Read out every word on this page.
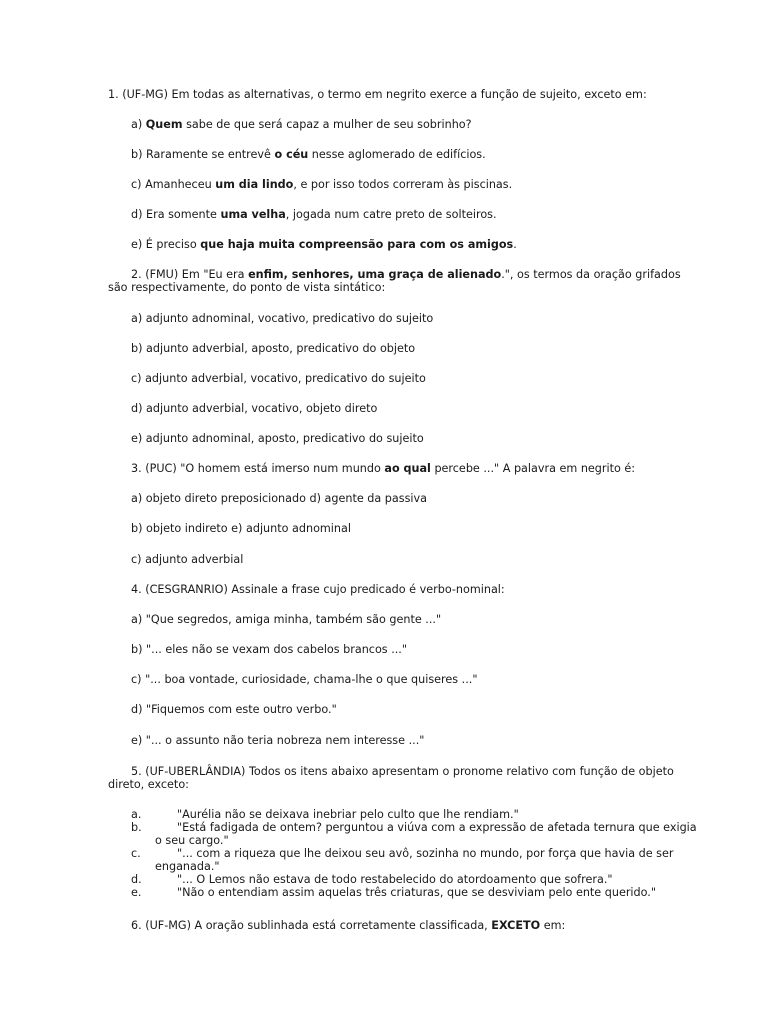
1. (UF-MG) Em todas as alternativas, o termo em negrito exerce a função de sujeito, exceto em:
a) Quem sabe de que será capaz a mulher de seu sobrinho?
b) Raramente se entrevê o céu nesse aglomerado de edifícios.
c) Amanheceu um dia lindo, e por isso todos correram às piscinas.
d) Era somente uma velha, jogada num catre preto de solteiros.
e) É preciso que haja muita compreensão para com os amigos.
2. (FMU) Em "Eu era enfim, senhores, uma graça de alienado.", os termos da oração grifados
são respectivamente, do ponto de vista sintático:
a) adjunto adnominal, vocativo, predicativo do sujeito
b) adjunto adverbial, aposto, predicativo do objeto
c) adjunto adverbial, vocativo, predicativo do sujeito
d) adjunto adverbial, vocativo, objeto direto
e) adjunto adnominal, aposto, predicativo do sujeito
3. (PUC) "O homem está imerso num mundo ao qual percebe ..." A palavra em negrito é:
a) objeto direto preposicionado d) agente da passiva
b) objeto indireto e) adjunto adnominal
c) adjunto adverbial
4. (CESGRANRIO) Assinale a frase cujo predicado é verbo-nominal:
a) "Que segredos, amiga minha, também são gente ..."
b) "... eles não se vexam dos cabelos brancos ..."
c) "... boa vontade, curiosidade, chama-lhe o que quiseres ..."
d) "Fiquemos com este outro verbo."
e) "... o assunto não teria nobreza nem interesse ..."
5. (UF-UBERLÂNDIA) Todos os itens abaixo apresentam o pronome relativo com função de objeto
direto, exceto:
a.	"Aurélia não se deixava inebriar pelo culto que lhe rendiam."
b.	"Está fadigada de ontem? perguntou a viúva com a expressão de afetada ternura que exigia
o seu cargo."
c.	"... com a riqueza que lhe deixou seu avô, sozinha no mundo, por força que havia de ser
enganada."
d.	"... O Lemos não estava de todo restabelecido do atordoamento que sofrera."
e.	"Não o entendiam assim aquelas três criaturas, que se desviviam pelo ente querido."
6. (UF-MG) A oração sublinhada está corretamente classificada, EXCETO em:
